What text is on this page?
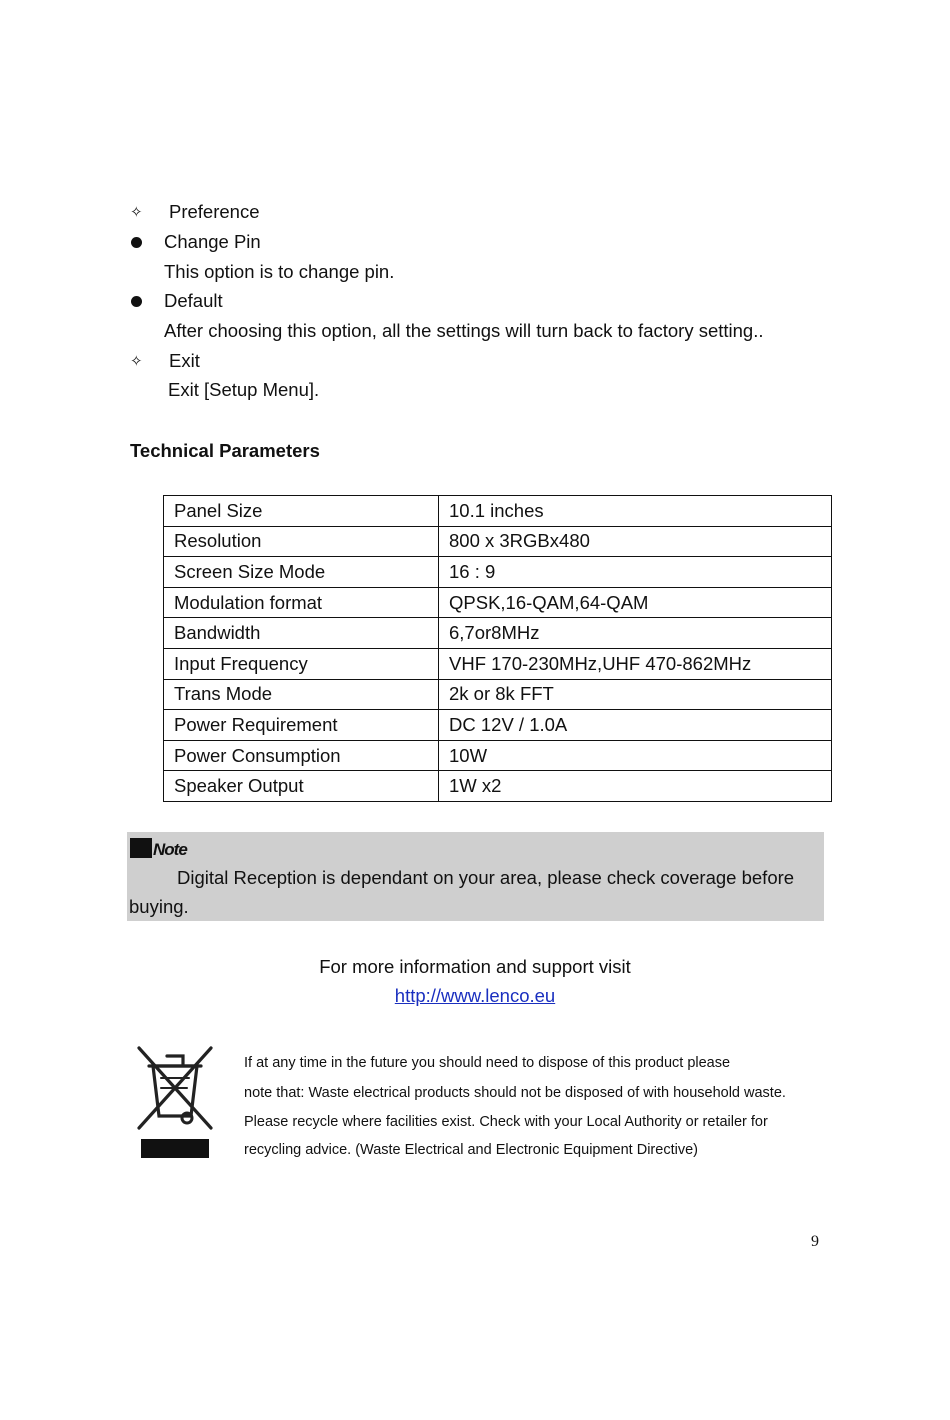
✧ Preference
Change Pin
This option is to change pin.
Default
After choosing this option, all the settings will turn back to factory setting..
✧ Exit
Exit [Setup Menu].
Technical Parameters
Panel Size	10.1 inches
Resolution	800 x 3RGBx480
Screen Size Mode	16 : 9
Modulation format	QPSK,16-QAM,64-QAM
Bandwidth	6,7or8MHz
Input Frequency	VHF 170-230MHz,UHF 470-862MHz
Trans Mode	2k or 8k FFT
Power Requirement	DC 12V / 1.0A
Power Consumption	10W
Speaker Output	1W x2
Note
Digital Reception is dependant on your area, please check coverage before
buying.
For more information and support visit
http://www.lenco.eu
If at any time in the future you should need to dispose of this product please
note that: Waste electrical products should not be disposed of with household waste.
Please recycle where facilities exist. Check with your Local Authority or retailer for
recycling advice. (Waste Electrical and Electronic Equipment Directive)
9
